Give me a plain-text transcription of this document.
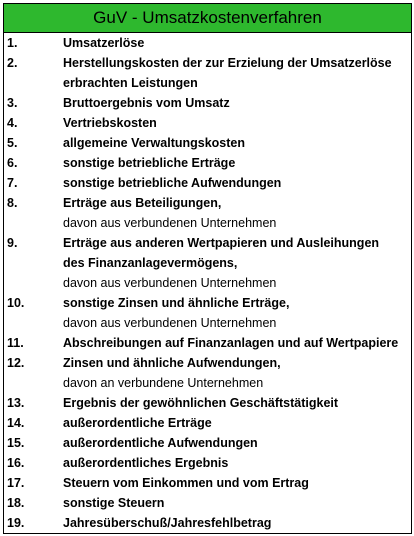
GuV - Umsatzkostenverfahren
1.	Umsatzerlöse
2.	Herstellungskosten der zur Erzielung der Umsatzerlöse
erbrachten Leistungen
3.	Bruttoergebnis vom Umsatz
4.	Vertriebskosten
5.	allgemeine Verwaltungskosten
6.	sonstige betriebliche Erträge
7.	sonstige betriebliche Aufwendungen
8.	Erträge aus Beteiligungen,
davon aus verbundenen Unternehmen
9.	Erträge aus anderen Wertpapieren und Ausleihungen
des Finanzanlagevermögens,
davon aus verbundenen Unternehmen
10.	sonstige Zinsen und ähnliche Erträge,
davon aus verbundenen Unternehmen
11.	Abschreibungen auf Finanzanlagen und auf Wertpapiere
12.	Zinsen und ähnliche Aufwendungen,
davon an verbundene Unternehmen
13.	Ergebnis der gewöhnlichen Geschäftstätigkeit
14.	außerordentliche Erträge
15.	außerordentliche Aufwendungen
16.	außerordentliches Ergebnis
17.	Steuern vom Einkommen und vom Ertrag
18.	sonstige Steuern
19.	Jahresüberschuß/Jahresfehlbetrag
